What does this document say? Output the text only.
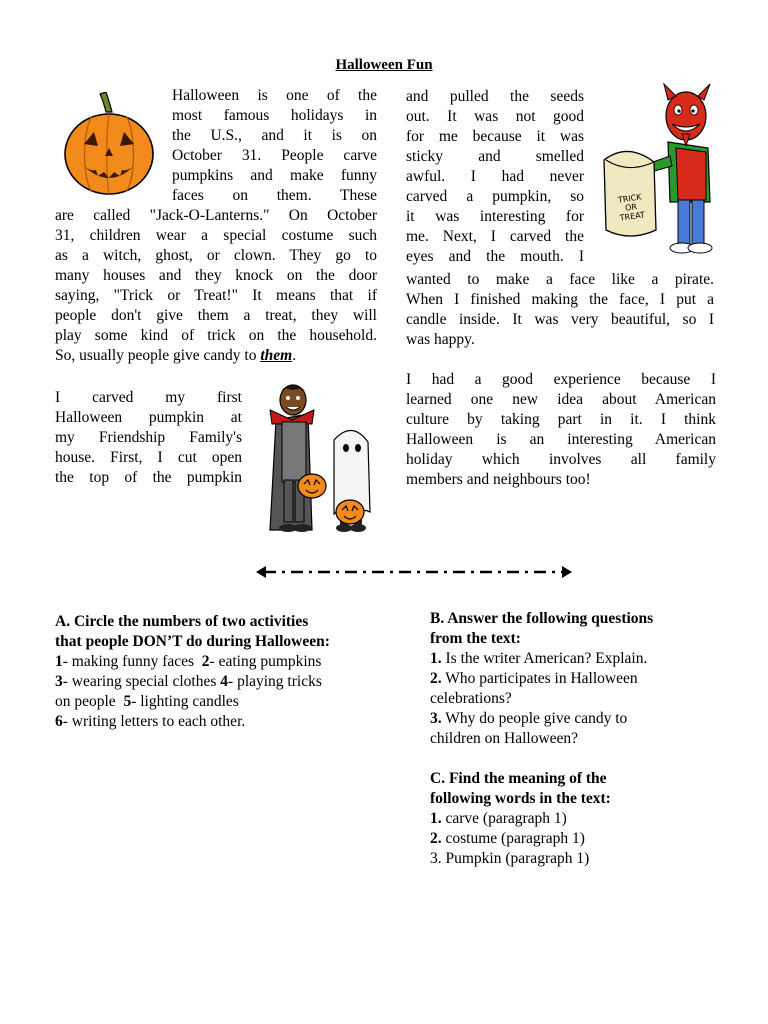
Halloween Fun
Halloween is one of the
most famous holidays in
the U.S., and it is on
October 31. People carve
pumpkins and make funny
faces on them. These
are called "Jack-O-Lanterns." On October
31, children wear a special costume such
as a witch, ghost, or clown. They go to
many houses and they knock on the door
saying, "Trick or Treat!" It means that if
people don't give them a treat, they will
play some kind of trick on the household.
So, usually people give candy to them.
I carved my first
Halloween pumpkin at
my Friendship Family's
house. First, I cut open
the top of the pumpkin
TRICK
OR
TREAT
and pulled the seeds
out. It was not good
for me because it was
sticky and smelled
awful. I had never
carved a pumpkin, so
it was interesting for
me. Next, I carved the
eyes and the mouth. I
wanted to make a face like a pirate.
When I finished making the face, I put a
candle inside. It was very beautiful, so I
was happy.
I had a good experience because I
learned one new idea about American
culture by taking part in it. I think
Halloween is an interesting American
holiday which involves all family
members and neighbours too!
A. Circle the numbers of two activities
that people DON’T do during Halloween:
1- making funny faces  2- eating pumpkins
3- wearing special clothes 4- playing tricks
on people  5- lighting candles
6- writing letters to each other.
B. Answer the following questions
from the text:
1. Is the writer American? Explain.
2. Who participates in Halloween
celebrations?
3. Why do people give candy to
children on Halloween?
C. Find the meaning of the
following words in the text:
1. carve (paragraph 1)
2. costume (paragraph 1)
3. Pumpkin (paragraph 1)
